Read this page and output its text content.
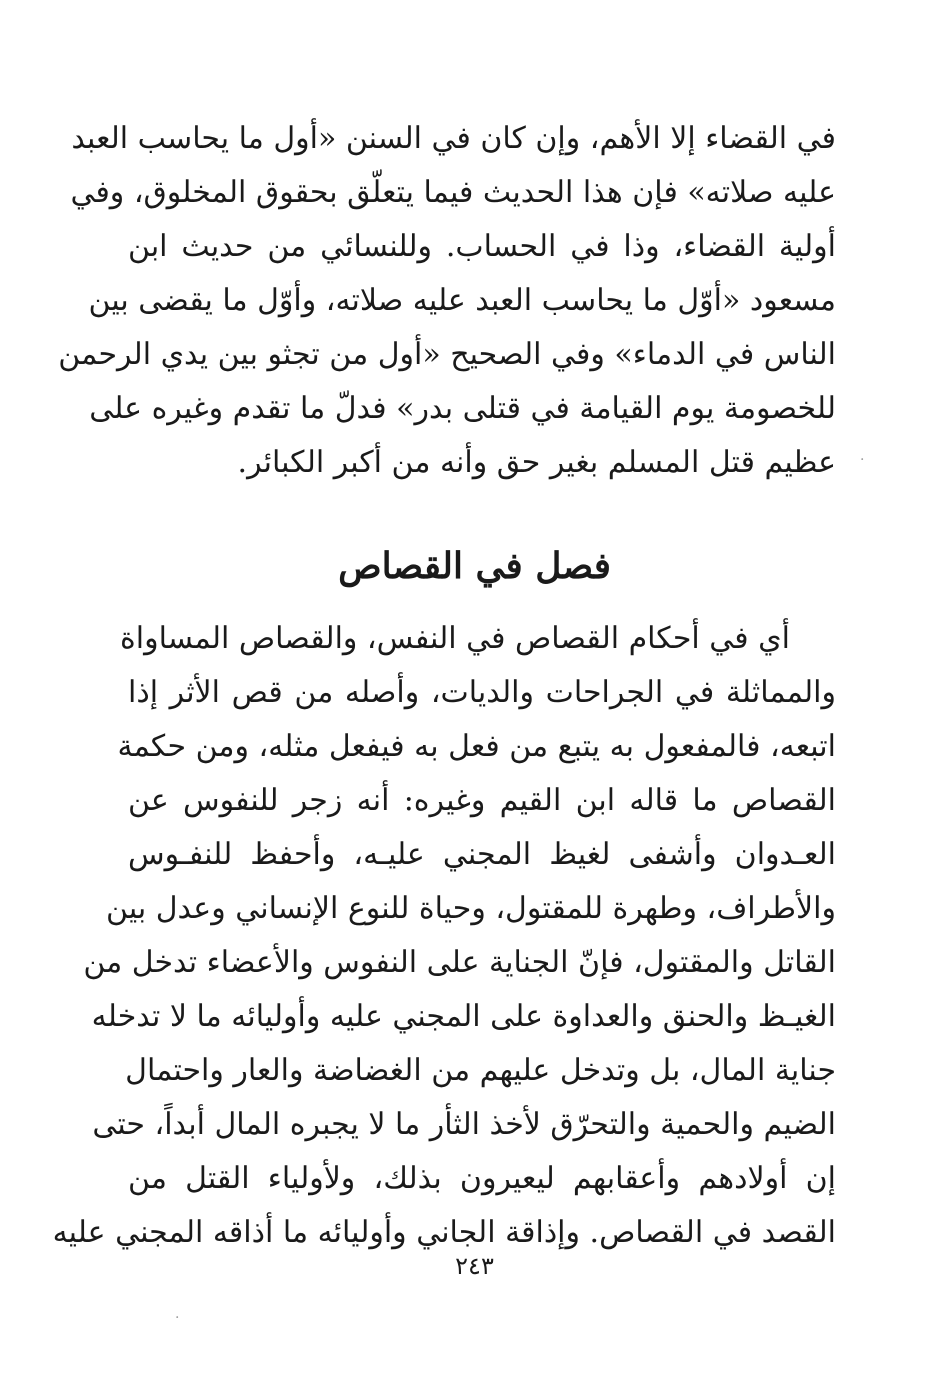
في القضاء إلا الأهم، وإن كان في السنن «أول ما يحاسب العبد
عليه صلاته» فإن هذا الحديث فيما يتعلّق بحقوق المخلوق، وفي
أولية القضاء، وذا في الحساب. وللنسائي من حديث ابن
مسعود «أوّل ما يحاسب العبد عليه صلاته، وأوّل ما يقضى بين
الناس في الدماء» وفي الصحيح «أول من تجثو بين يدي الرحمن
للخصومة يوم القيامة في قتلى بدر» فدلّ ما تقدم وغيره على
عظيم قتل المسلم بغير حق وأنه من أكبر الكبائر.
فصل في القصاص
أي في أحكام القصاص في النفس، والقصاص المساواة
والمماثلة في الجراحات والديات، وأصله من قص الأثر إذا
اتبعه، فالمفعول به يتبع من فعل به فيفعل مثله، ومن حكمة
القصاص ما قاله ابن القيم وغيره: أنه زجر للنفوس عن
العـدوان وأشفى لغيظ المجني عليـه، وأحفظ للنفـوس
والأطراف، وطهرة للمقتول، وحياة للنوع الإنساني وعدل بين
القاتل والمقتول، فإنّ الجناية على النفوس والأعضاء تدخل من
الغيـظ والحنق والعداوة على المجني عليه وأوليائه ما لا تدخله
جناية المال، بل وتدخل عليهم من الغضاضة والعار واحتمال
الضيم والحمية والتحرّق لأخذ الثأر ما لا يجبره المال أبداً، حتى
إن أولادهم وأعقابهم ليعيرون بذلك، ولأولياء القتل من
القصد في القصاص. وإذاقة الجاني وأوليائه ما أذاقه المجني عليه
٢٤٣
·
·
